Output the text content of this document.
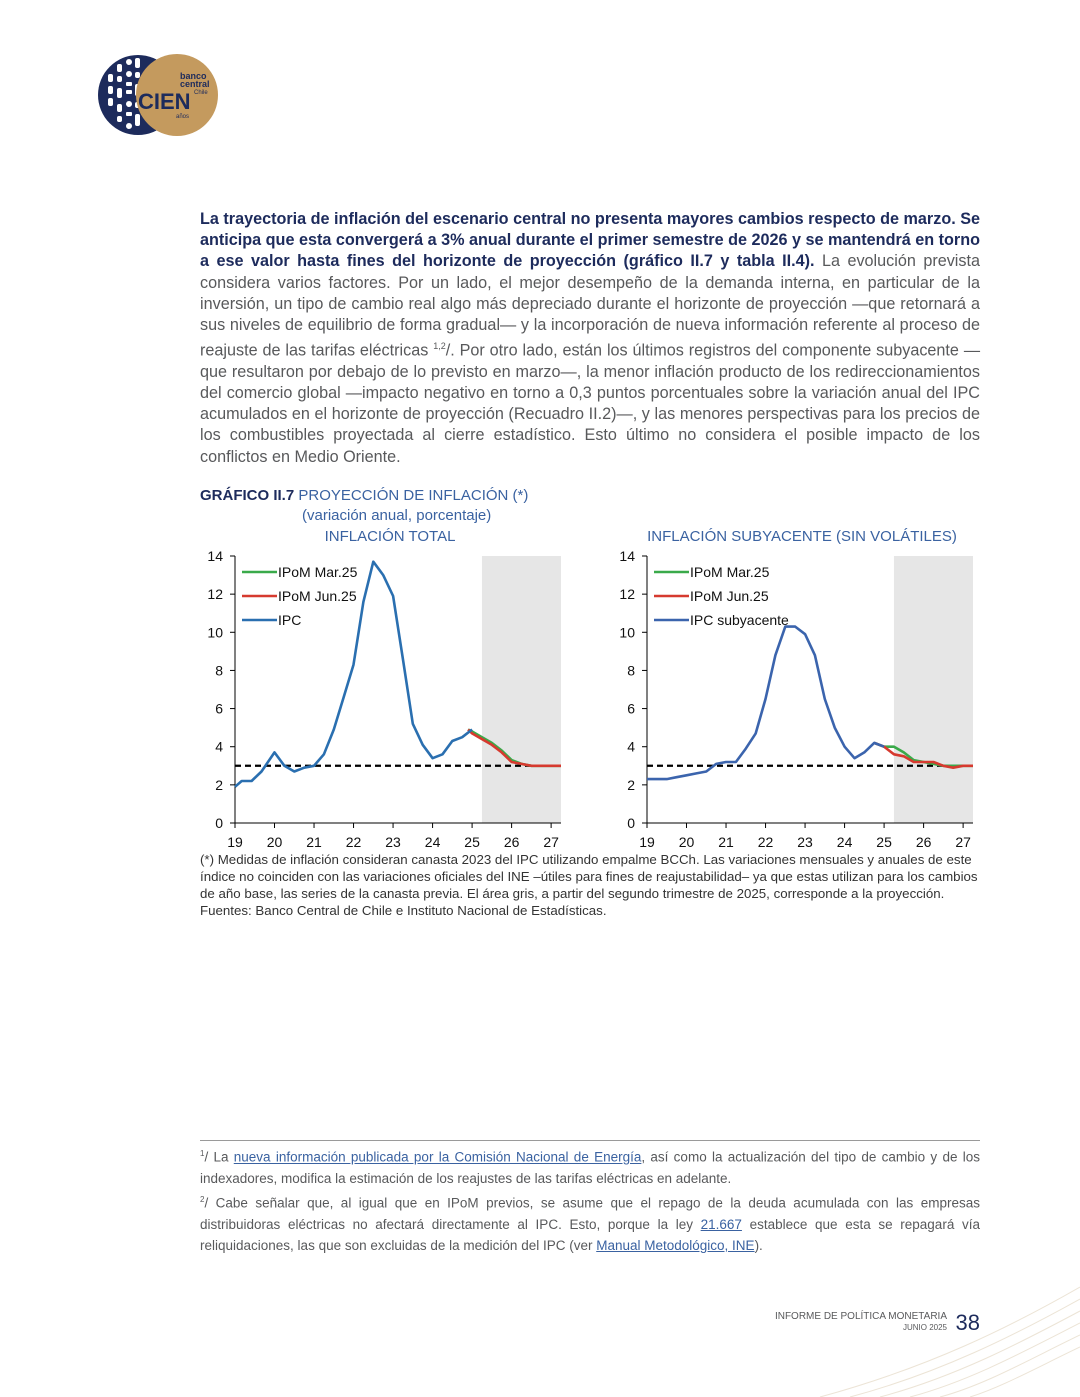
banco
central
Chile
CIEN
años

La trayectoria de inflación del escenario central no presenta mayores cambios respecto de marzo. Se anticipa que esta convergerá a 3% anual durante el primer semestre de 2026 y se mantendrá en torno a ese valor hasta fines del horizonte de proyección (gráfico II.7 y tabla II.4). La evolución prevista considera varios factores. Por un lado, el mejor desempeño de la demanda interna, en particular de la inversión, un tipo de cambio real algo más depreciado durante el horizonte de proyección —que retornará a sus niveles de equilibrio de forma gradual— y la incorporación de nueva información referente al proceso de reajuste de las tarifas eléctricas $^{1,2}$/. Por otro lado, están los últimos registros del componente subyacente —que resultaron por debajo de lo previsto en marzo—, la menor inflación producto de los redireccionamientos del comercio global —impacto negativo en torno a 0,3 puntos porcentuales sobre la variación anual del IPC acumulados en el horizonte de proyección (Recuadro II.2)—, y las menores perspectivas para los precios de los combustibles proyectada al cierre estadístico. Esto último no considera el posible impacto de los conflictos en Medio Oriente.

GRÁFICO II.7 PROYECCIÓN DE INFLACIÓN (*)
(variación anual, porcentaje)
INFLACIÓN TOTAL	INFLACIÓN SUBYACENTE (SIN VOLÁTILES)
0
2
4
6
8
10
12
14
19 20 21 22 23 24 25 26 27
IPoM Mar.25
IPoM Jun.25
IPC
0
2
4
6
8
10
12
14
19 20 21 22 23 24 25 26 27
IPoM Mar.25
IPoM Jun.25
IPC subyacente

(*) Medidas de inflación consideran canasta 2023 del IPC utilizando empalme BCCh. Las variaciones mensuales y anuales de este índice no coinciden con las variaciones oficiales del INE –útiles para fines de reajustabilidad– ya que estas utilizan para los cambios de año base, las series de la canasta previa. El área gris, a partir del segundo trimestre de 2025, corresponde a la proyección.

Fuentes: Banco Central de Chile e Instituto Nacional de Estadísticas.

$^1$/ La nueva información publicada por la Comisión Nacional de Energía, así como la actualización del tipo de cambio y de los indexadores, modifica la estimación de los reajustes de las tarifas eléctricas en adelante.

$^2$/ Cabe señalar que, al igual que en IPoM previos, se asume que el repago de la deuda acumulada con las empresas distribuidoras eléctricas no afectará directamente al IPC. Esto, porque la ley 21.667 establece que esta se repagará vía reliquidaciones, las que son excluidas de la medición del IPC (ver Manual Metodológico, INE).

INFORME DE POLÍTICA MONETARIA
JUNIO 2025 38
